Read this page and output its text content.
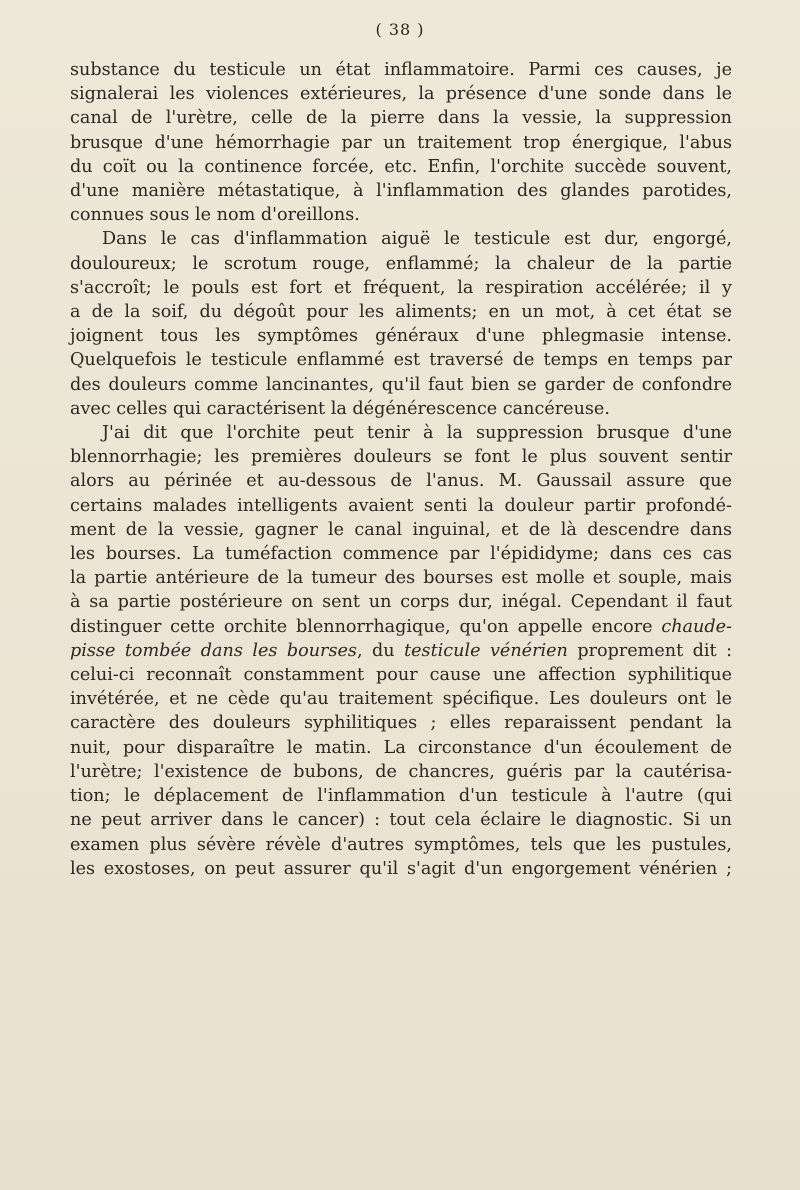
( 38 )
substance du testicule un état inflammatoire. Parmi ces causes, je
signalerai les violences extérieures, la présence d'une sonde dans le
canal de l'urètre, celle de la pierre dans la vessie, la suppression
brusque d'une hémorrhagie par un traitement trop énergique, l'abus
du coït ou la continence forcée, etc. Enfin, l'orchite succède souvent,
d'une manière métastatique, à l'inflammation des glandes parotides,
connues sous le nom d'oreillons.
Dans le cas d'inflammation aiguë le testicule est dur, engorgé,
douloureux; le scrotum rouge, enflammé; la chaleur de la partie
s'accroît; le pouls est fort et fréquent, la respiration accélérée; il y
a de la soif, du dégoût pour les aliments; en un mot, à cet état se
joignent tous les symptômes généraux d'une phlegmasie intense.
Quelquefois le testicule enflammé est traversé de temps en temps par
des douleurs comme lancinantes, qu'il faut bien se garder de confondre
avec celles qui caractérisent la dégénérescence cancéreuse.
J'ai dit que l'orchite peut tenir à la suppression brusque d'une
blennorrhagie; les premières douleurs se font le plus souvent sentir
alors au périnée et au-dessous de l'anus. M. Gaussail assure que
certains malades intelligents avaient senti la douleur partir profondé-
ment de la vessie, gagner le canal inguinal, et de là descendre dans
les bourses. La tuméfaction commence par l'épididyme; dans ces cas
la partie antérieure de la tumeur des bourses est molle et souple, mais
à sa partie postérieure on sent un corps dur, inégal. Cependant il faut
distinguer cette orchite blennorrhagique, qu'on appelle encore chaude-
pisse tombée dans les bourses, du testicule vénérien proprement dit :
celui-ci reconnaît constamment pour cause une affection syphilitique
invétérée, et ne cède qu'au traitement spécifique. Les douleurs ont le
caractère des douleurs syphilitiques ; elles reparaissent pendant la
nuit, pour disparaître le matin. La circonstance d'un écoulement de
l'urètre; l'existence de bubons, de chancres, guéris par la cautérisa-
tion; le déplacement de l'inflammation d'un testicule à l'autre (qui
ne peut arriver dans le cancer) : tout cela éclaire le diagnostic. Si un
examen plus sévère révèle d'autres symptômes, tels que les pustules,
les exostoses, on peut assurer qu'il s'agit d'un engorgement vénérien ;
